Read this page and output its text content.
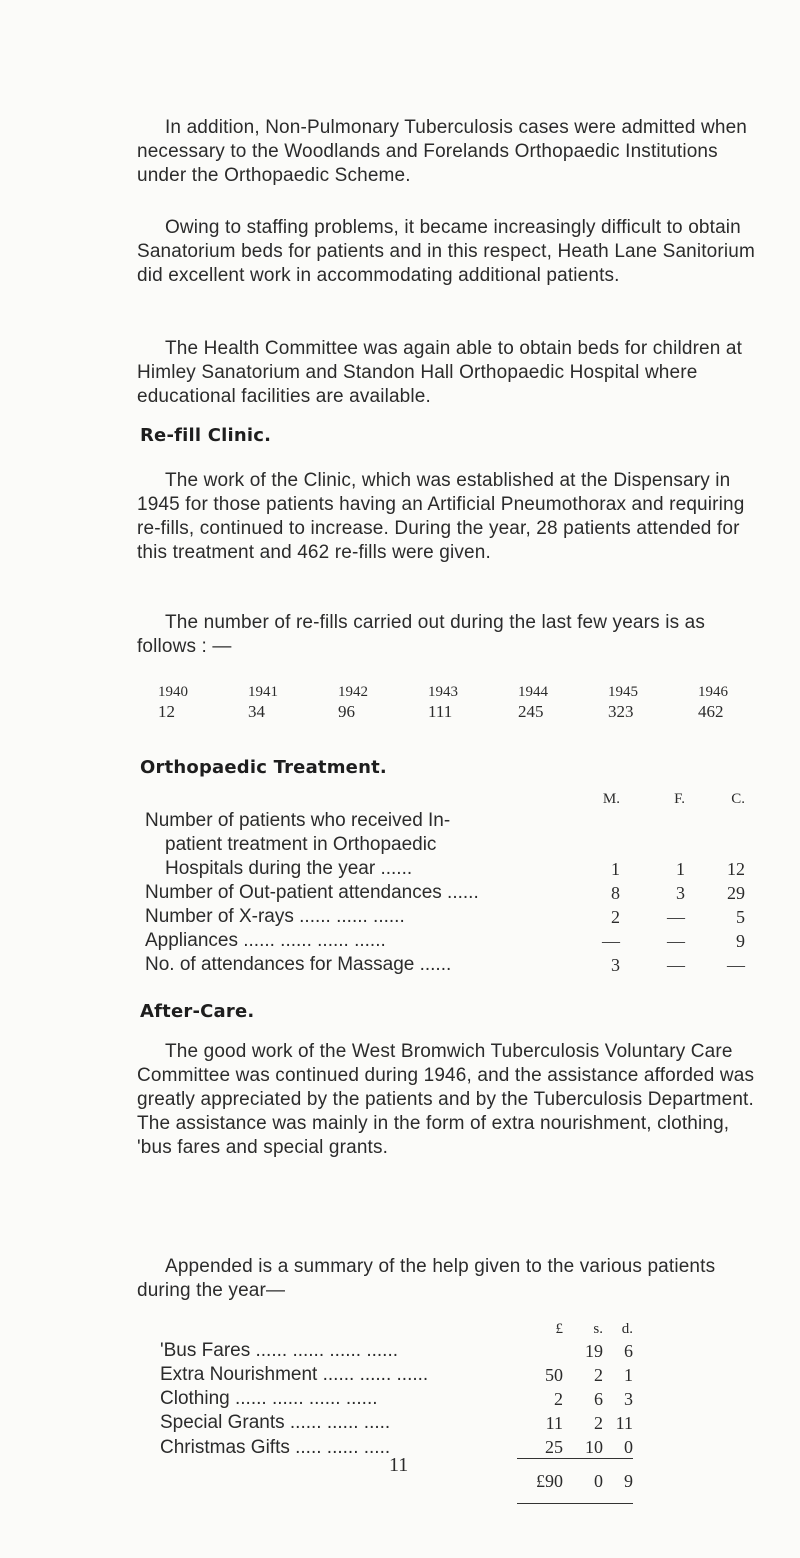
In addition, Non-Pulmonary Tuberculosis cases were admitted when necessary to the Woodlands and Forelands Orthopaedic Institutions under the Orthopaedic Scheme.

Owing to staffing problems, it became increasingly difficult to obtain Sanatorium beds for patients and in this respect, Heath Lane Sanitorium did excellent work in accommodating additional patients.

The Health Committee was again able to obtain beds for children at Himley Sanatorium and Standon Hall Orthopaedic Hospital where educational facilities are available.

Re-fill Clinic.

The work of the Clinic, which was established at the Dispensary in 1945 for those patients having an Artificial Pneumothorax and requiring re-fills, continued to increase. During the year, 28 patients attended for this treatment and 462 re-fills were given.

The number of re-fills carried out during the last few years is as follows : —

1940	1941	1942	1943	1944	1945	1946
12	34	96	111	245	323	462
Orthopaedic Treatment.
	M.	F.	C.
Number of patients who received In-			
patient treatment in Orthopaedic			
Hospitals during the year ......	1	1	12
Number of Out-patient attendances ......	8	3	29
Number of X-rays ...... ...... ......	2	—	5
Appliances ...... ...... ...... ......	—	—	9
No. of attendances for Massage ......	3	—	—
After-Care.

The good work of the West Bromwich Tuberculosis Voluntary Care Committee was continued during 1946, and the assistance afforded was greatly appreciated by the patients and by the Tuberculosis Department. The assistance was mainly in the form of extra nourishment, clothing, 'bus fares and special grants.

Appended is a summary of the help given to the various patients during the year—

	£	s.	d.
'Bus Fares ...... ...... ...... ......		19	6
Extra Nourishment ...... ...... ......	50	2	1
Clothing ...... ...... ...... ......	2	6	3
Special Grants ...... ...... .....	11	2	11
Christmas Gifts ..... ...... .....	25	10	0
	£90	0	9
11
